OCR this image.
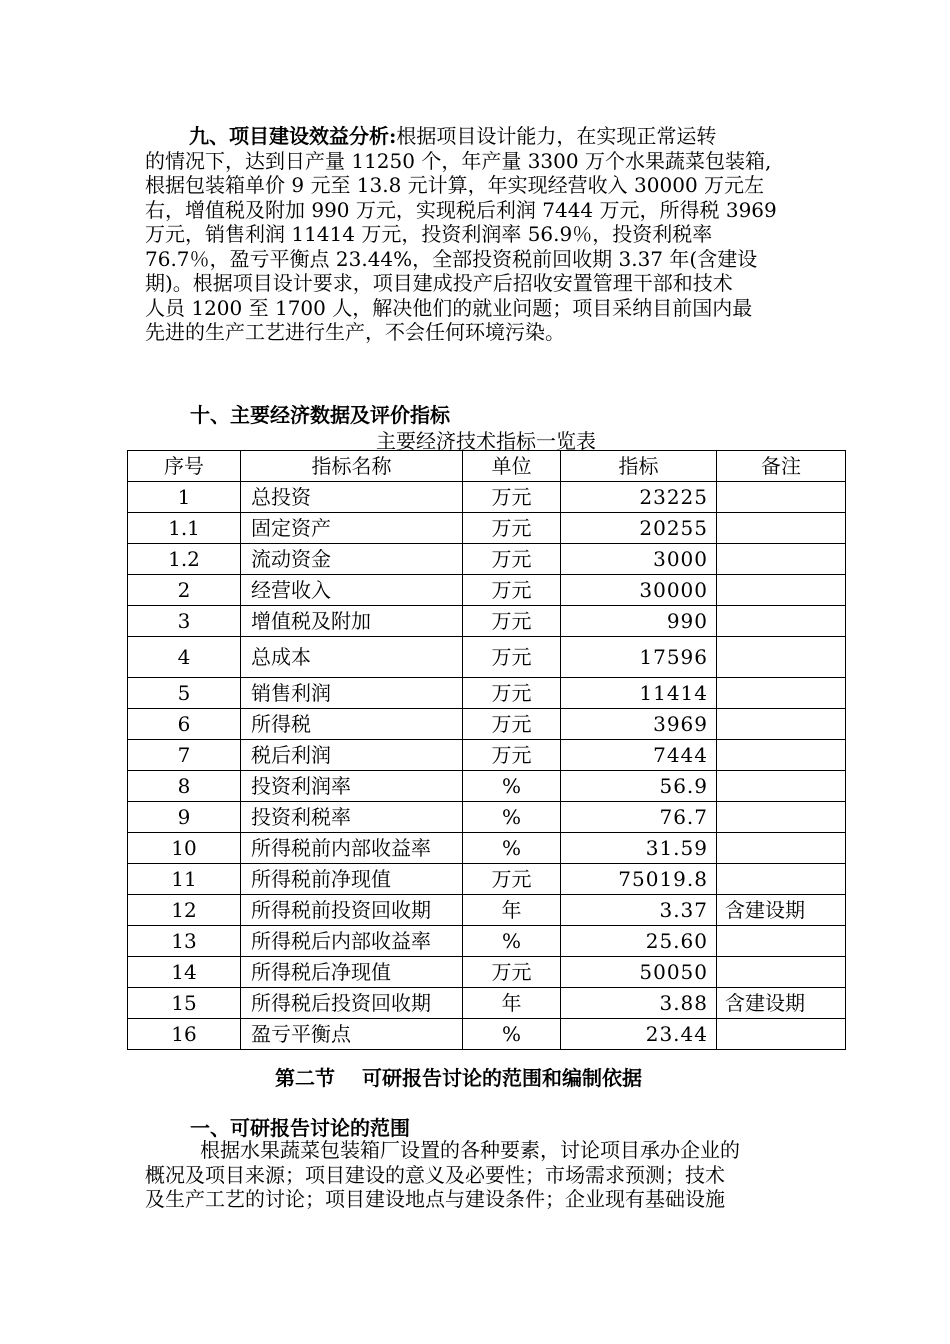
九、项目建设效益分析:根据项目设计能力，在实现正常运转
的情况下，达到日产量 11250 个，年产量 3300 万个水果蔬菜包装箱,
根据包装箱单价 9 元至 13.8 元计算，年实现经营收入 30000 万元左
右，增值税及附加 990 万元，实现税后利润 7444 万元，所得税 3969
万元，销售利润 11414 万元，投资利润率 56.9％，投资利税率
76.7％，盈亏平衡点 23.44%，全部投资税前回收期 3.37 年(含建设
期)。根据项目设计要求，项目建成投产后招收安置管理干部和技术
人员 1200 至 1700 人，解决他们的就业问题；项目采纳目前国内最
先进的生产工艺进行生产，不会任何环境污染。
十、主要经济数据及评价指标
主要经济技术指标一览表
序号	指标名称	单位	指标	备注
1	总投资	万元	23225	
1.1	固定资产	万元	20255	
1.2	流动资金	万元	3000	
2	经营收入	万元	30000	
3	增值税及附加	万元	990	
4	总成本	万元	17596	
5	销售利润	万元	11414	
6	所得税	万元	3969	
7	税后利润	万元	7444	
8	投资利润率	%	56.9	
9	投资利税率	%	76.7	
10	所得税前内部收益率	%	31.59	
11	所得税前净现值	万元	75019.8	
12	所得税前投资回收期	年	3.37	含建设期
13	所得税后内部收益率	%	25.60	
14	所得税后净现值	万元	50050	
15	所得税后投资回收期	年	3.88	含建设期
16	盈亏平衡点	%	23.44	
第二节　 可研报告讨论的范围和编制依据
一、可研报告讨论的范围
根据水果蔬菜包装箱厂设置的各种要素，讨论项目承办企业的
概况及项目来源；项目建设的意义及必要性；市场需求预测；技术
及生产工艺的讨论；项目建设地点与建设条件；企业现有基础设施
